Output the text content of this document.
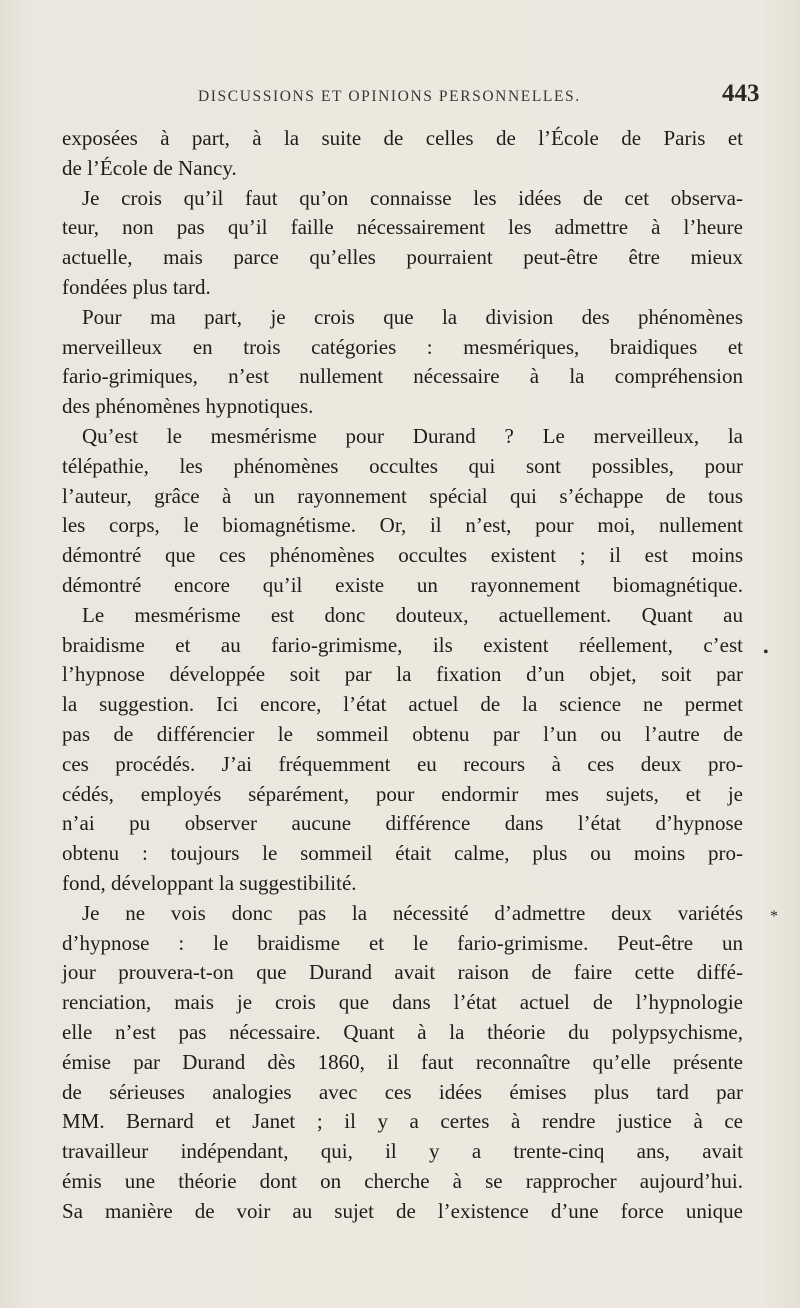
DISCUSSIONS ET OPINIONS PERSONNELLES.	443
exposées à part, à la suite de celles de l’École de Paris et
de l’École de Nancy.
Je crois qu’il faut qu’on connaisse les idées de cet observa-
teur, non pas qu’il faille nécessairement les admettre à l’heure
actuelle, mais parce qu’elles pourraient peut-être être mieux
fondées plus tard.
Pour ma part, je crois que la division des phénomènes
merveilleux en trois catégories : mesmériques, braidiques et
fario-grimiques, n’est nullement nécessaire à la compréhension
des phénomènes hypnotiques.
Qu’est le mesmérisme pour Durand ? Le merveilleux, la
télépathie, les phénomènes occultes qui sont possibles, pour
l’auteur, grâce à un rayonnement spécial qui s’échappe de tous
les corps, le biomagnétisme. Or, il n’est, pour moi, nullement
démontré que ces phénomènes occultes existent ; il est moins
démontré encore qu’il existe un rayonnement biomagnétique.
Le mesmérisme est donc douteux, actuellement. Quant au
braidisme et au fario-grimisme, ils existent réellement, c’est
l’hypnose développée soit par la fixation d’un objet, soit par
la suggestion. Ici encore, l’état actuel de la science ne permet
pas de différencier le sommeil obtenu par l’un ou l’autre de
ces procédés. J’ai fréquemment eu recours à ces deux pro-
cédés, employés séparément, pour endormir mes sujets, et je
n’ai pu observer aucune différence dans l’état d’hypnose
obtenu : toujours le sommeil était calme, plus ou moins pro-
fond, développant la suggestibilité.
Je ne vois donc pas la nécessité d’admettre deux variétés
d’hypnose : le braidisme et le fario-grimisme. Peut-être un
jour prouvera-t-on que Durand avait raison de faire cette diffé-
renciation, mais je crois que dans l’état actuel de l’hypnologie
elle n’est pas nécessaire. Quant à la théorie du polypsychisme,
émise par Durand dès 1860, il faut reconnaître qu’elle présente
de sérieuses analogies avec ces idées émises plus tard par
MM. Bernard et Janet ; il y a certes à rendre justice à ce
travailleur indépendant, qui, il y a trente-cinq ans, avait
émis une théorie dont on cherche à se rapprocher aujourd’hui.
Sa manière de voir au sujet de l’existence d’une force unique
•
*
